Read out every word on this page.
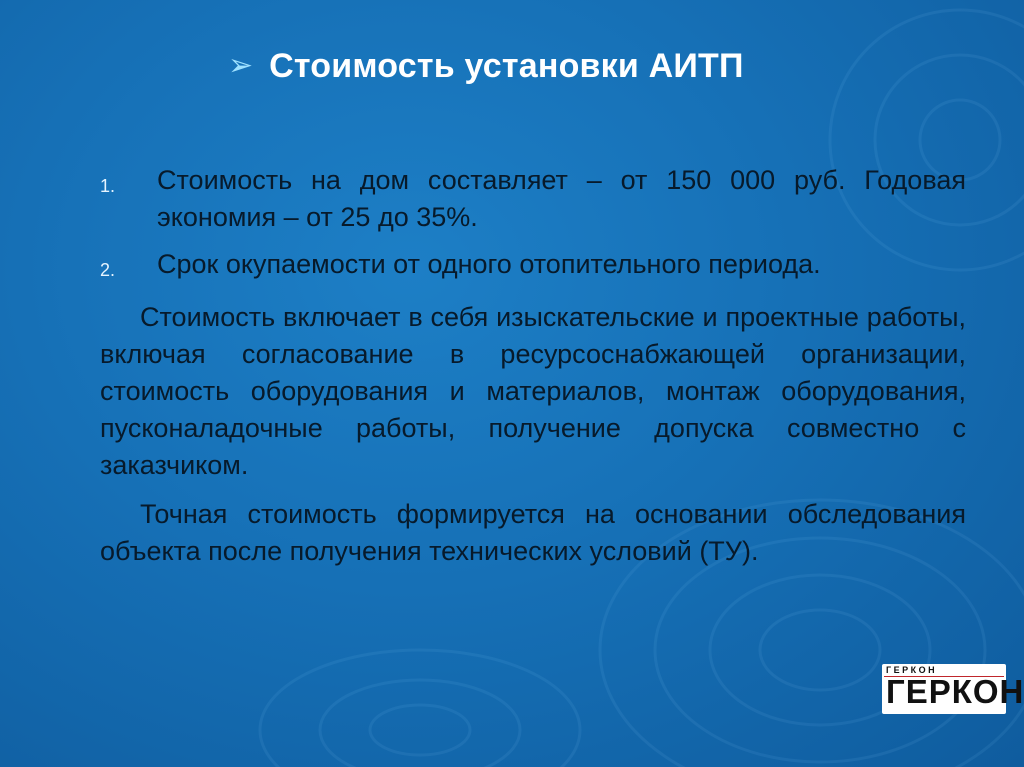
➢ Стоимость установки АИТП
1.	Стоимость на дом составляет – от 150 000 руб. Годовая экономия – от 25 до 35%.
2.	Срок окупаемости от одного отопительного периода.

Стоимость включает в себя изыскательские и проектные работы, включая согласование в ресурсоснабжающей организации, стоимость оборудования и материалов, монтаж оборудования, пусконаладочные работы, получение допуска совместно с заказчиком.

Точная стоимость формируется на основании обследования объекта после получения технических условий (ТУ).

ГЕРКОН
ГЕРКОН
